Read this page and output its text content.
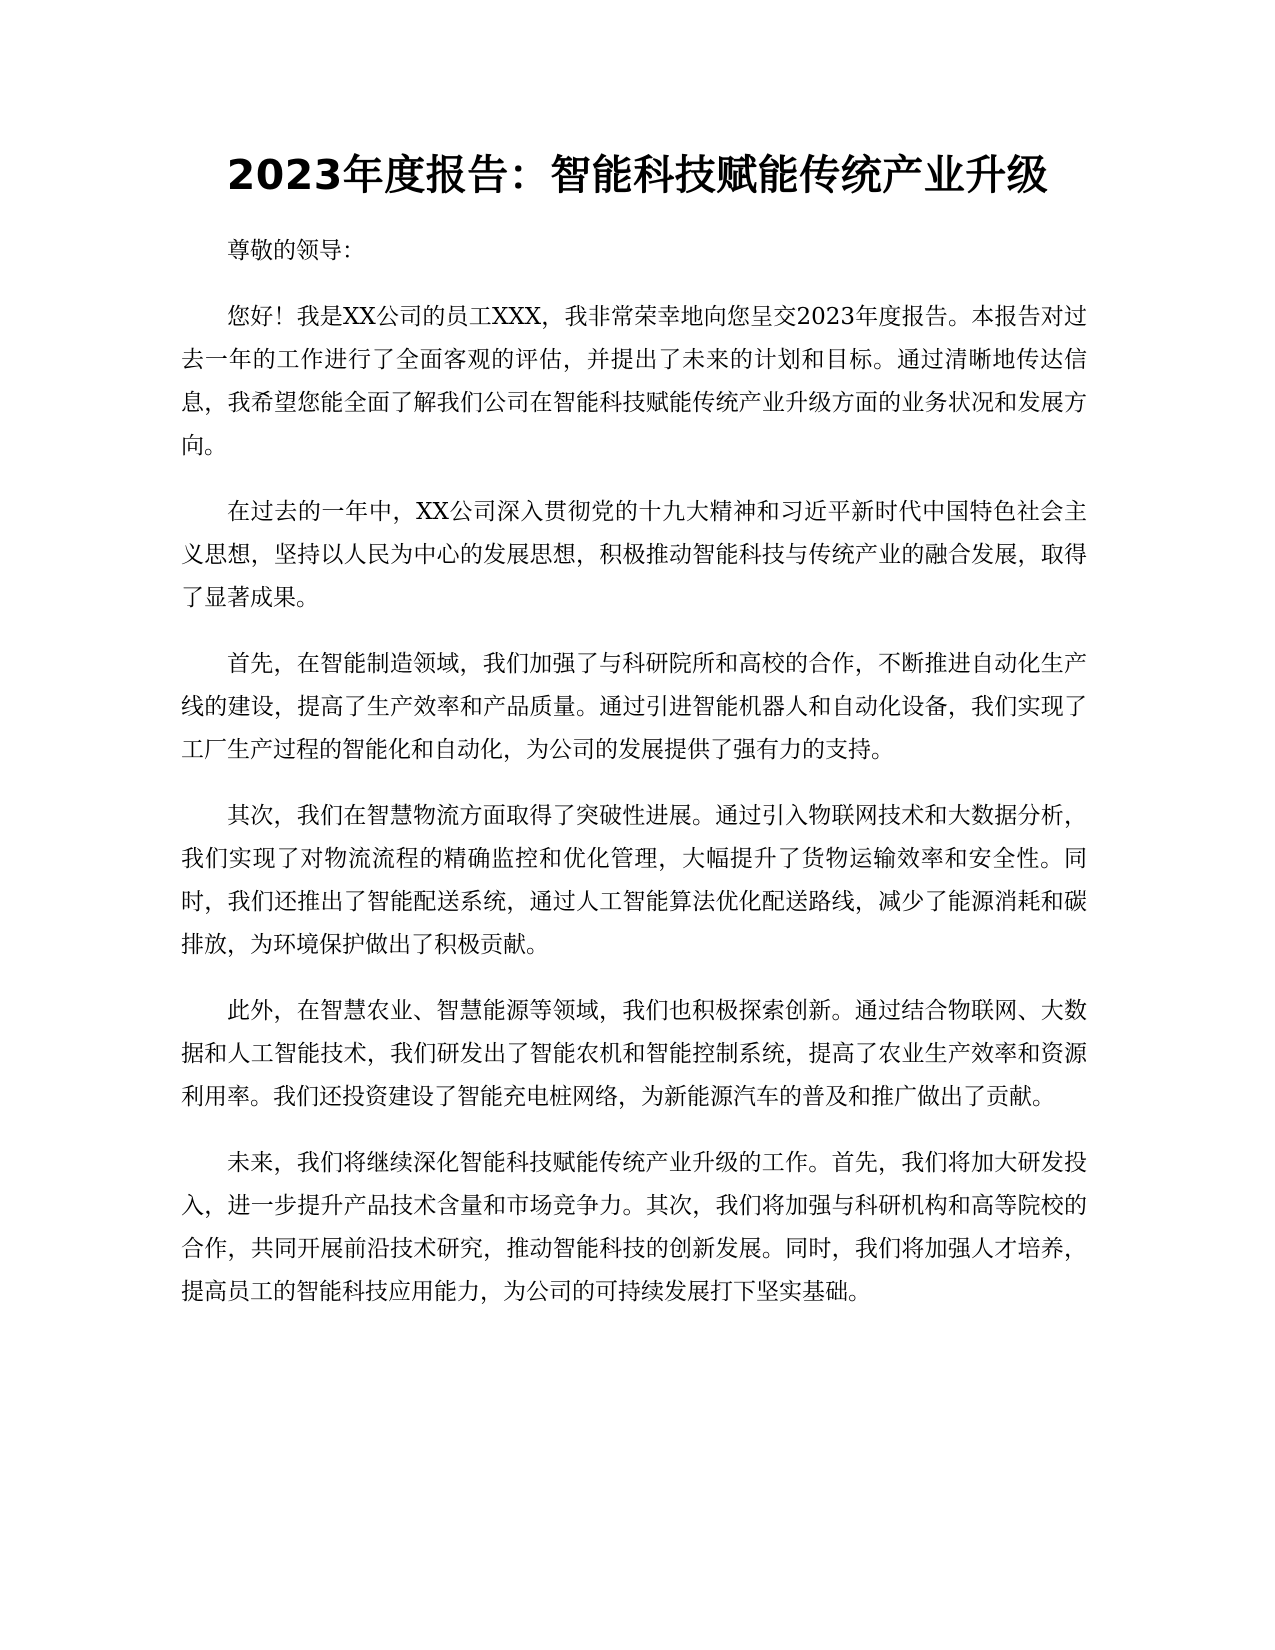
2023年度报告：智能科技赋能传统产业升级

尊敬的领导：

您好！我是XX公司的员工XXX，我非常荣幸地向您呈交2023年度报告。本报告对过去一年的工作进行了全面客观的评估，并提出了未来的计划和目标。通过清晰地传达信息，我希望您能全面了解我们公司在智能科技赋能传统产业升级方面的业务状况和发展方向。

在过去的一年中，XX公司深入贯彻党的十九大精神和习近平新时代中国特色社会主义思想，坚持以人民为中心的发展思想，积极推动智能科技与传统产业的融合发展，取得了显著成果。

首先，在智能制造领域，我们加强了与科研院所和高校的合作，不断推进自动化生产线的建设，提高了生产效率和产品质量。通过引进智能机器人和自动化设备，我们实现了工厂生产过程的智能化和自动化，为公司的发展提供了强有力的支持。

其次，我们在智慧物流方面取得了突破性进展。通过引入物联网技术和大数据分析，我们实现了对物流流程的精确监控和优化管理，大幅提升了货物运输效率和安全性。同时，我们还推出了智能配送系统，通过人工智能算法优化配送路线，减少了能源消耗和碳排放，为环境保护做出了积极贡献。

此外，在智慧农业、智慧能源等领域，我们也积极探索创新。通过结合物联网、大数据和人工智能技术，我们研发出了智能农机和智能控制系统，提高了农业生产效率和资源利用率。我们还投资建设了智能充电桩网络，为新能源汽车的普及和推广做出了贡献。

未来，我们将继续深化智能科技赋能传统产业升级的工作。首先，我们将加大研发投入，进一步提升产品技术含量和市场竞争力。其次，我们将加强与科研机构和高等院校的合作，共同开展前沿技术研究，推动智能科技的创新发展。同时，我们将加强人才培养，提高员工的智能科技应用能力，为公司的可持续发展打下坚实基础。
